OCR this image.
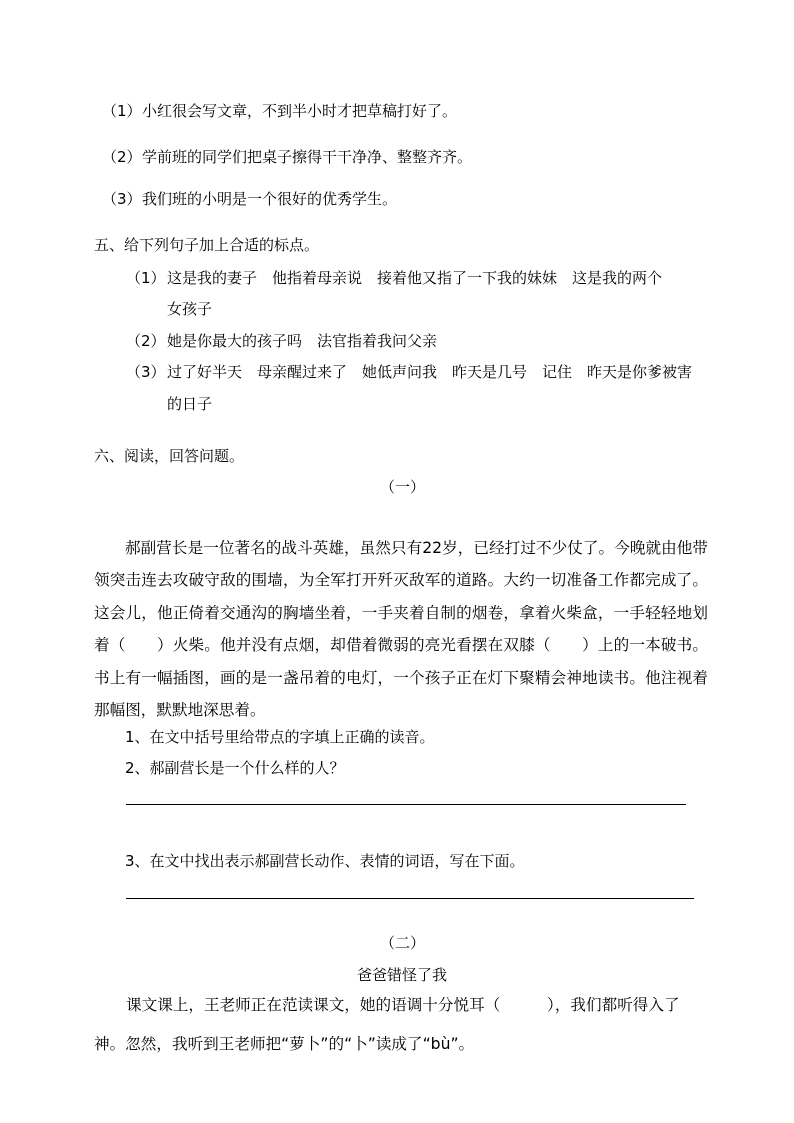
（1）小红很会写文章，不到半小时才把草稿打好了。
（2）学前班的同学们把桌子擦得干干净净、整整齐齐。
（3）我们班的小明是一个很好的优秀学生。
五、给下列句子加上合适的标点。
（1） 这是我的妻子　他指着母亲说　接着他又指了一下我的妹妹　这是我的两个
女孩子
（2） 她是你最大的孩子吗　法官指着我问父亲
（3） 过了好半天　母亲醒过来了　她低声问我　昨天是几号　记住　昨天是你爹被害
的日子
六、阅读，回答问题。
（一）
郝副营长是一位著名的战斗英雄，虽然只有22岁，已经打过不少仗了。今晚就由他带领突击连去攻破守敌的围墙，为全军打开歼灭敌军的道路。大约一切准备工作都完成了。这会儿，他正倚着交通沟的胸墙坐着，一手夹着自制的烟卷，拿着火柴盒，一手轻轻地划着（　　）火柴。他并没有点烟，却借着微弱的亮光看摆在双膝（　　）上的一本破书。书上有一幅插图，画的是一盏吊着的电灯，一个孩子正在灯下聚精会神地读书。他注视着那幅图，默默地深思着。
1、在文中括号里给带点的字填上正确的读音。
2、郝副营长是一个什么样的人？
3、在文中找出表示郝副营长动作、表情的词语，写在下面。
（二）
爸爸错怪了我
课文课上，王老师正在范读课文，她的语调十分悦耳（　　　），我们都听得入了
神。忽然，我听到王老师把“萝卜”的“卜”读成了“bù”。
